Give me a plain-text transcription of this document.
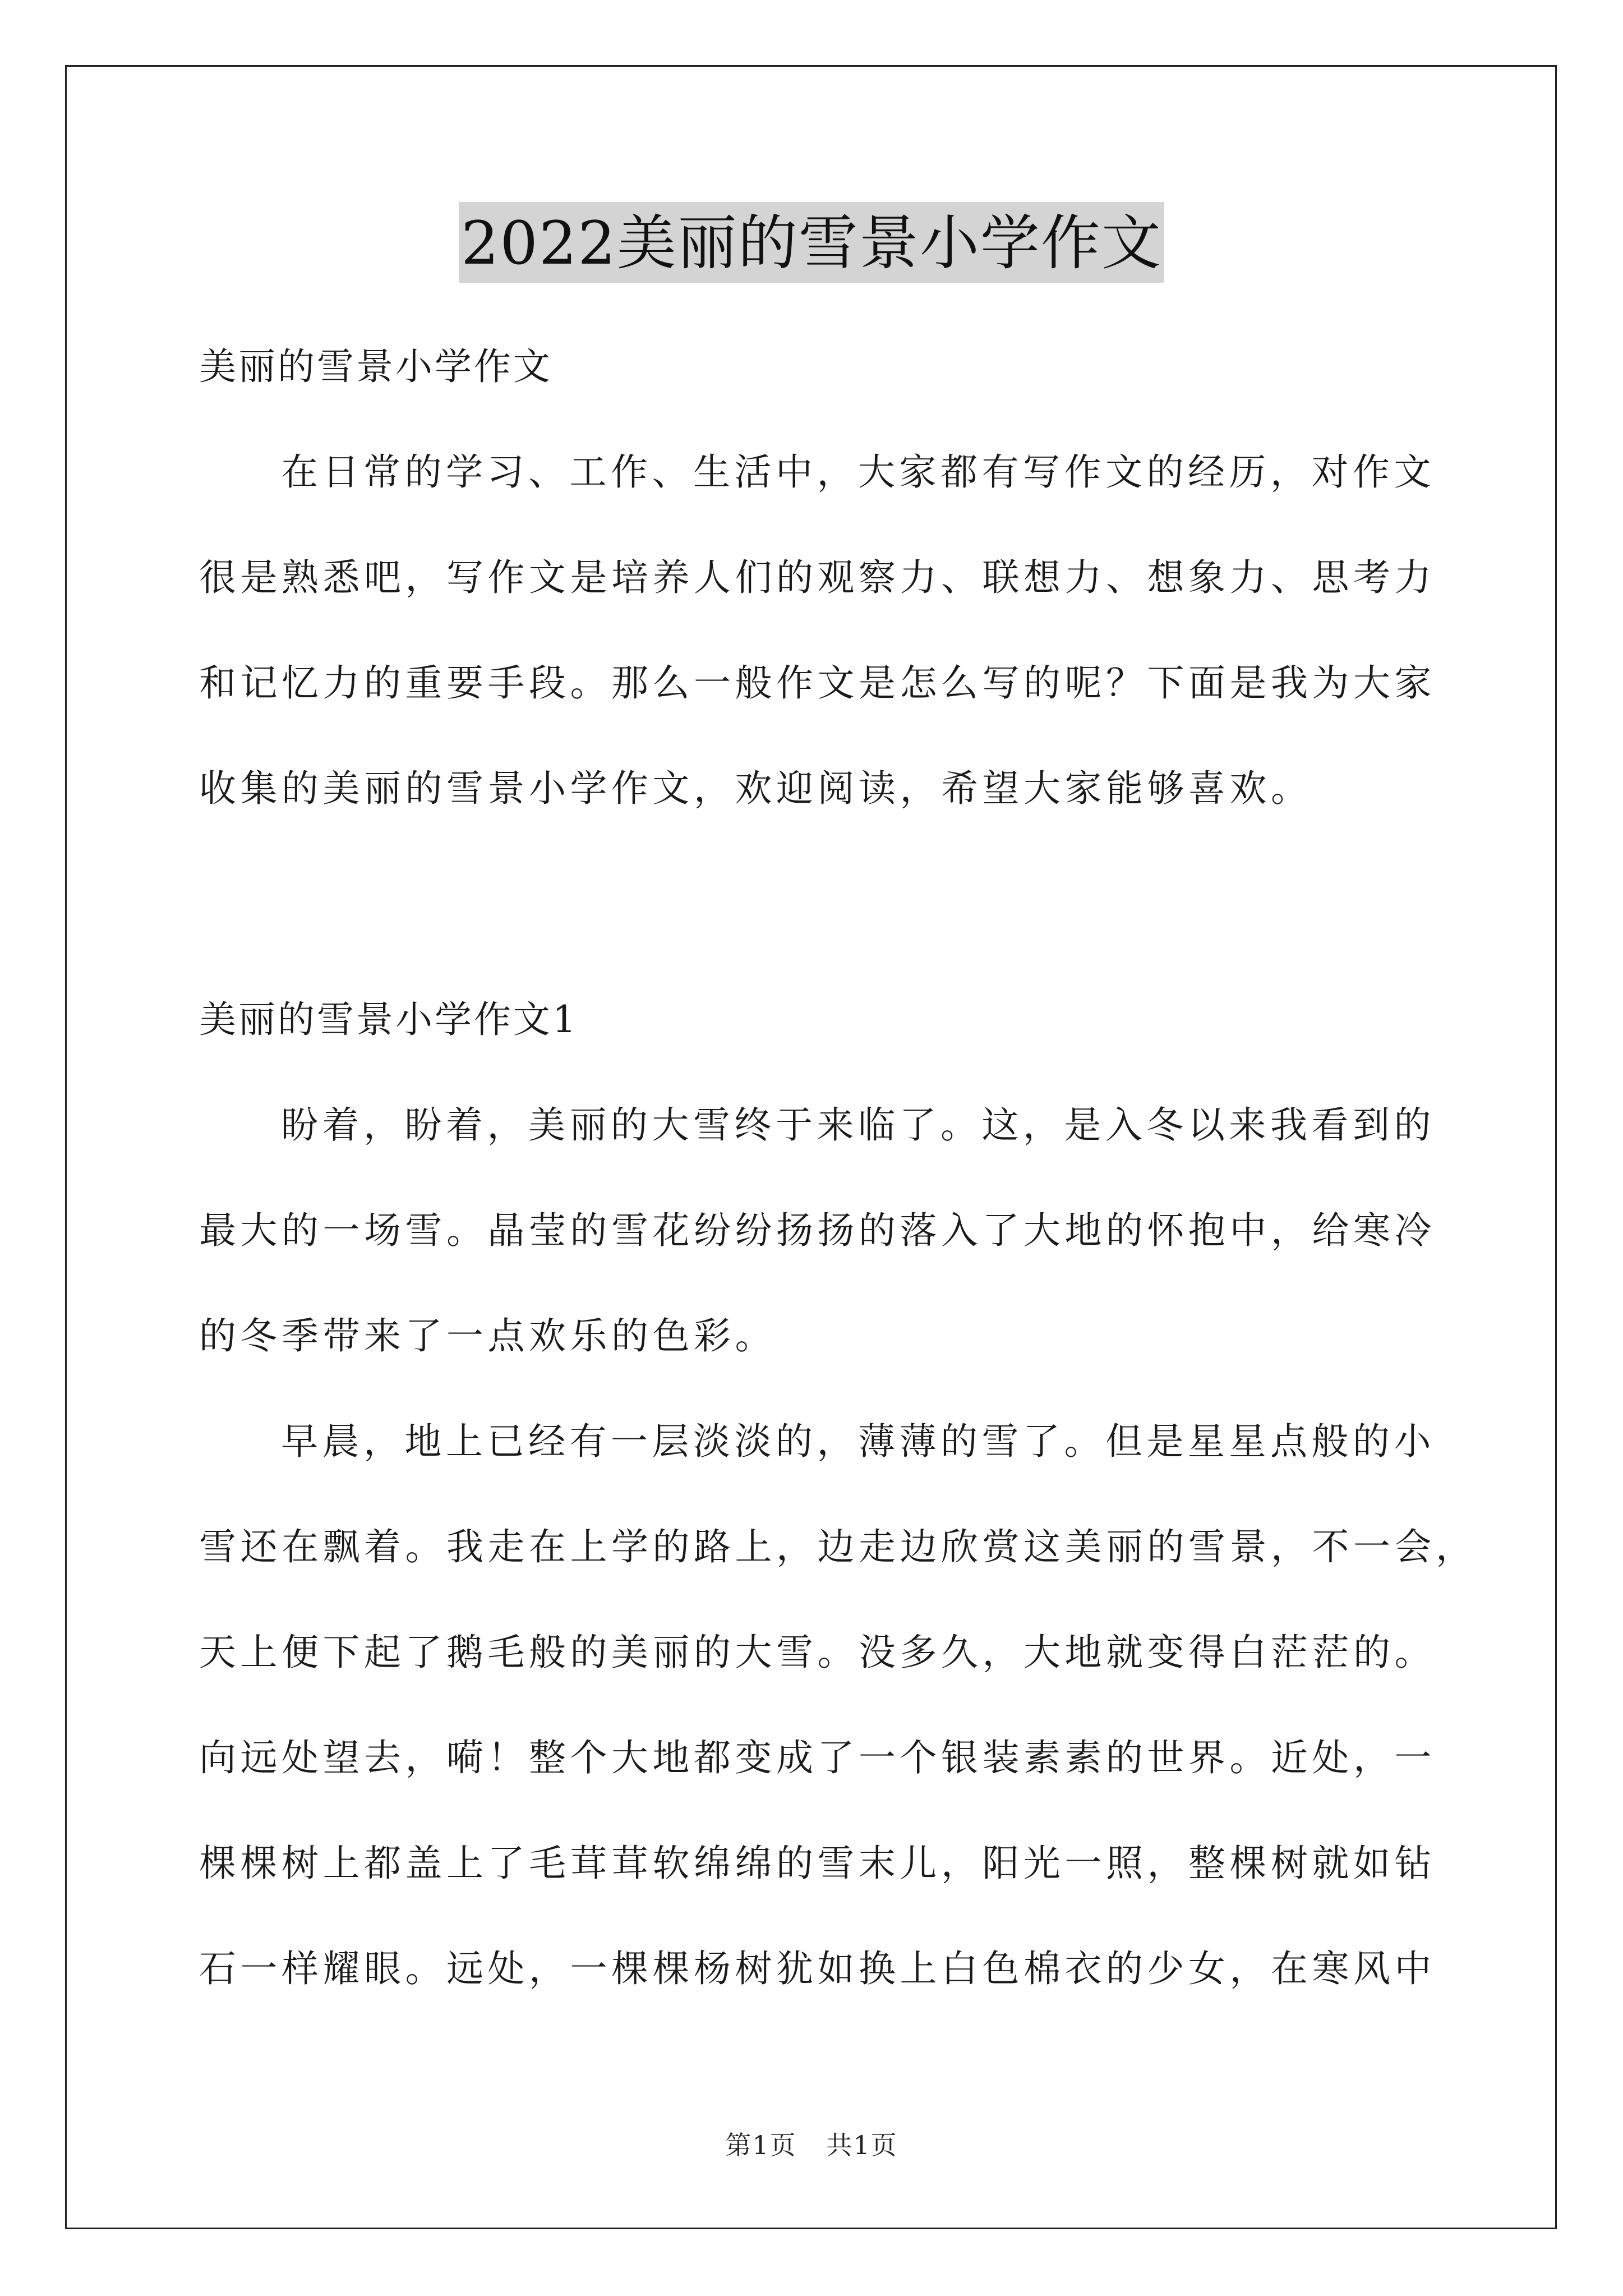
2022美丽的雪景小学作文
美丽的雪景小学作文
在日常的学习、工作、生活中，大家都有写作文的经历，对作文
很是熟悉吧，写作文是培养人们的观察力、联想力、想象力、思考力
和记忆力的重要手段。那么一般作文是怎么写的呢？下面是我为大家
收集的美丽的雪景小学作文，欢迎阅读，希望大家能够喜欢。
美丽的雪景小学作文1
盼着，盼着，美丽的大雪终于来临了。这，是入冬以来我看到的
最大的一场雪。晶莹的雪花纷纷扬扬的落入了大地的怀抱中，给寒冷
的冬季带来了一点欢乐的色彩。
早晨，地上已经有一层淡淡的，薄薄的雪了。但是星星点般的小
雪还在飘着。我走在上学的路上，边走边欣赏这美丽的雪景，不一会，
天上便下起了鹅毛般的美丽的大雪。没多久，大地就变得白茫茫的。
向远处望去，嗬！整个大地都变成了一个银装素素的世界。近处，一
棵棵树上都盖上了毛茸茸软绵绵的雪末儿，阳光一照，整棵树就如钻
石一样耀眼。远处，一棵棵杨树犹如换上白色棉衣的少女，在寒风中
第1页 共1页
